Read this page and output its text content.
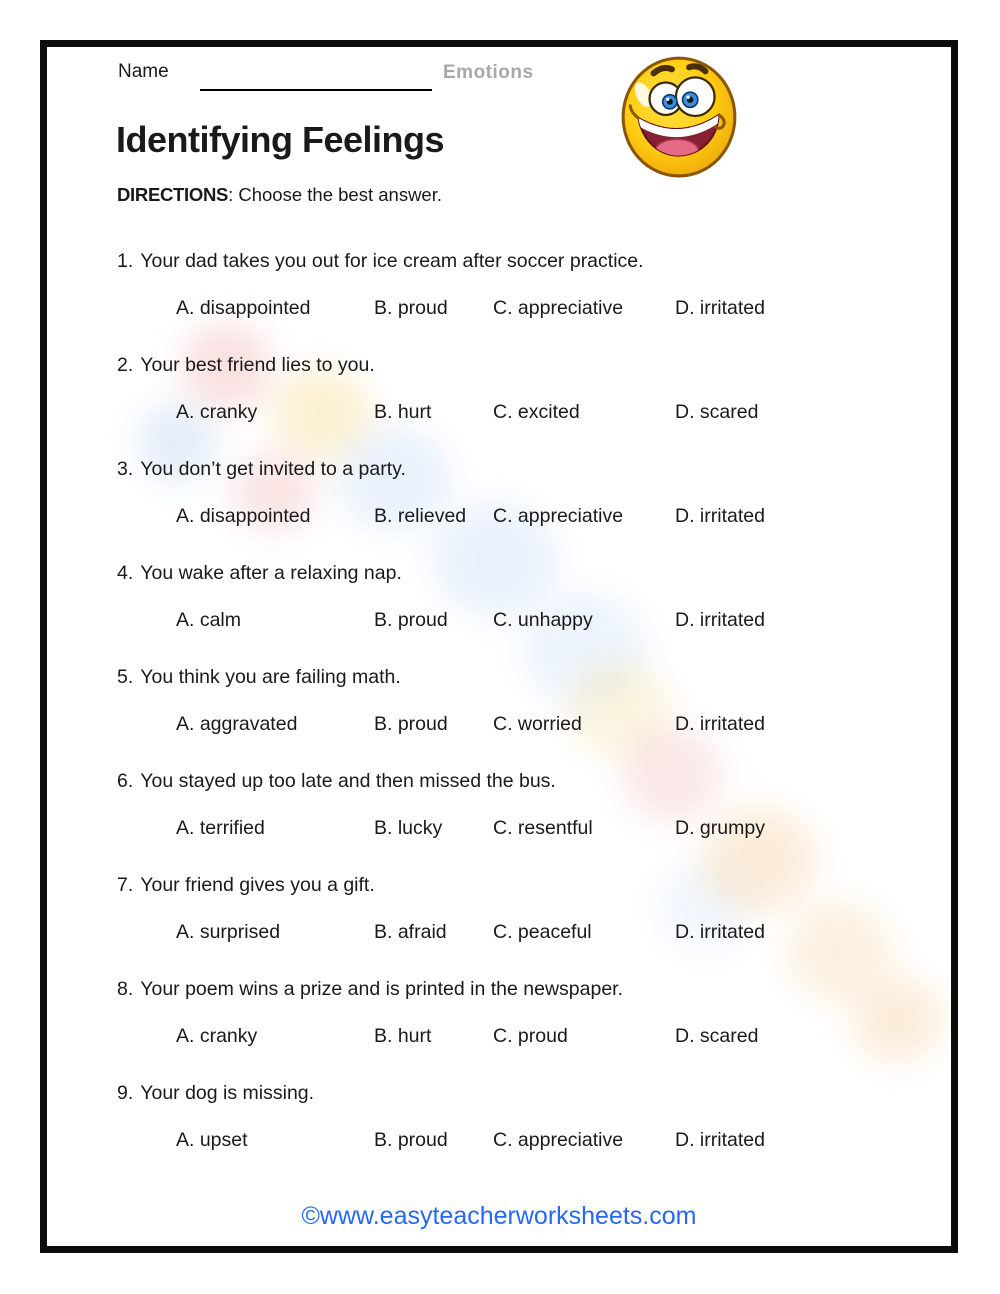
Name	Emotions
Identifying Feelings
DIRECTIONS: Choose the best answer.
1. Your dad takes you out for ice cream after soccer practice.
A. disappointed	B. proud C. appreciative	D. irritated
2. Your best friend lies to you.
A. cranky	B. hurt	C. excited	D. scared
3. You don’t get invited to a party.
A. disappointed	B. relieved C. appreciative	D. irritated
4. You wake after a relaxing nap.
A. calm	B. proud C. unhappy	D. irritated
5. You think you are failing math.
A. aggravated	B. proud C. worried	D. irritated
6. You stayed up too late and then missed the bus.
A. terrified	B. lucky	C. resentful	D. grumpy
7. Your friend gives you a gift.
A. surprised	B. afraid C. peaceful	D. irritated
8. Your poem wins a prize and is printed in the newspaper.
A. cranky	B. hurt	C. proud	D. scared
9. Your dog is missing.
A. upset	B. proud C. appreciative	D. irritated
©www.easyteacherworksheets.com
